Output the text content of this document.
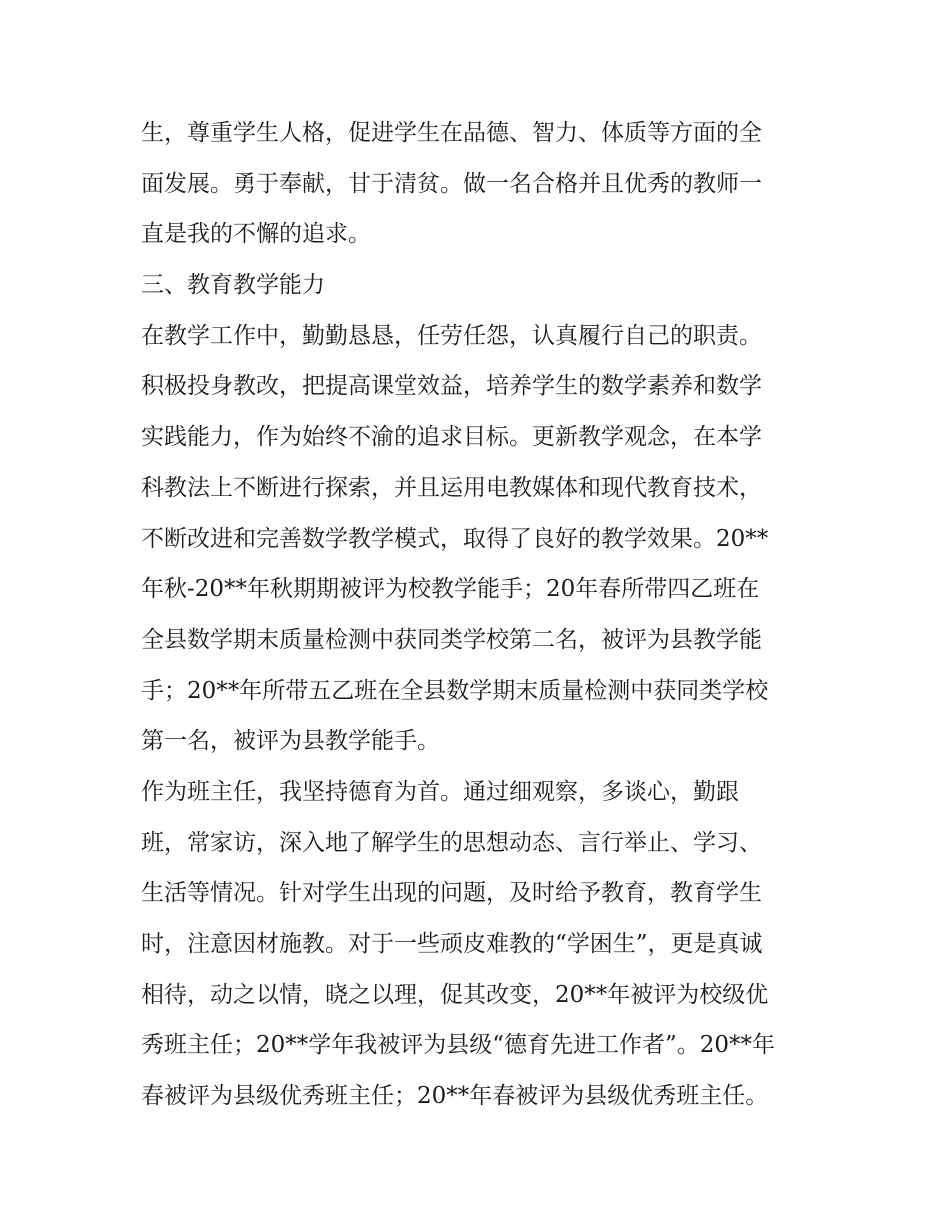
生，尊重学生人格，促进学生在品德、智力、体质等方面的全
面发展。勇于奉献，甘于清贫。做一名合格并且优秀的教师一
直是我的不懈的追求。
三、教育教学能力
在教学工作中，勤勤恳恳，任劳任怨，认真履行自己的职责。
积极投身教改，把提高课堂效益，培养学生的数学素养和数学
实践能力，作为始终不渝的追求目标。更新教学观念，在本学
科教法上不断进行探索，并且运用电教媒体和现代教育技术，
不断改进和完善数学教学模式，取得了良好的教学效果。20**
年秋-20**年秋期期被评为校教学能手；20年春所带四乙班在
全县数学期末质量检测中获同类学校第二名，被评为县教学能
手；20**年所带五乙班在全县数学期末质量检测中获同类学校
第一名，被评为县教学能手。
作为班主任，我坚持德育为首。通过细观察，多谈心，勤跟
班，常家访，深入地了解学生的思想动态、言行举止、学习、
生活等情况。针对学生出现的问题，及时给予教育，教育学生
时，注意因材施教。对于一些顽皮难教的“学困生”，更是真诚
相待，动之以情，晓之以理，促其改变，20**年被评为校级优
秀班主任；20**学年我被评为县级“德育先进工作者”。20**年
春被评为县级优秀班主任；20**年春被评为县级优秀班主任。
